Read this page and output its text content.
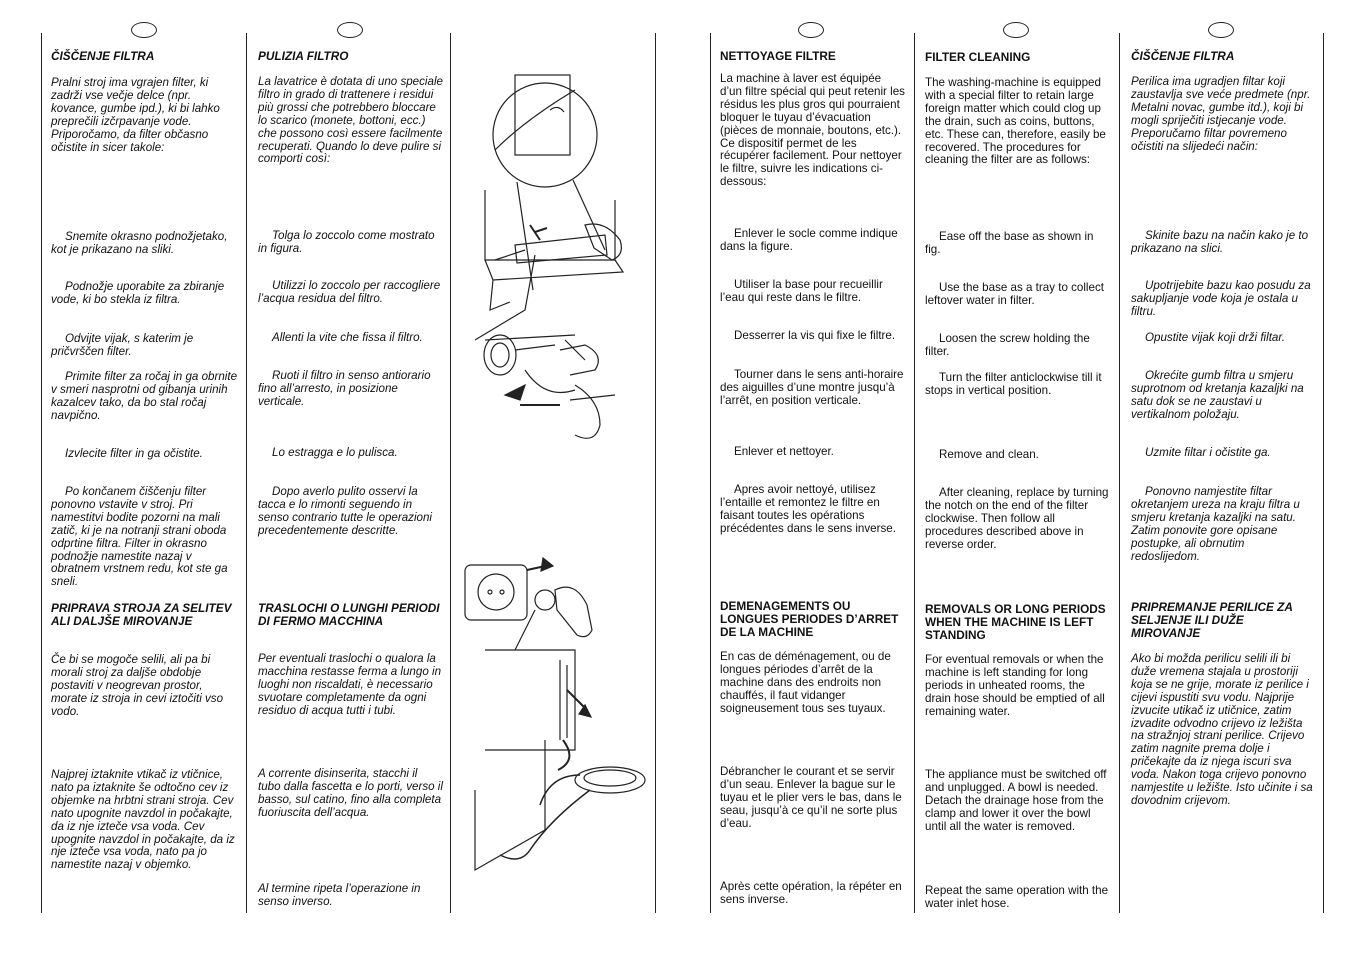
ČIŠČENJE FILTRA

Pralni stroj ima vgrajen filter, ki zadrži vse večje delce (npr. kovance, gumbe ipd.), ki bi lahko preprečili izčrpavanje vode. Priporočamo, da filter občasno očistite in sicer takole:

Snemite okrasno podnožjetako, kot je prikazano na sliki.

Podnožje uporabite za zbiranje vode, ki bo stekla iz filtra.

Odvijte vijak, s katerim je pričvrščen filter.

Primite filter za ročaj in ga obrnite v smeri nasprotni od gibanja urinih kazalcev tako, da bo stal ročaj navpično.

Izvlecite filter in ga očistite.

Po končanem čiščenju filter ponovno vstavite v stroj. Pri namestitvi bodite pozorni na mali zatič, ki je na notranji strani oboda odprtine filtra. Filter in okrasno podnožje namestite nazaj v obratnem vrstnem redu, kot ste ga sneli.

PRIPRAVA STROJA ZA SELITEV ALI DALJŠE MIROVANJE

Če bi se mogoče selili, ali pa bi morali stroj za daljše obdobje postaviti v neogrevan prostor, morate iz stroja in cevi iztočiti vso vodo.

Najprej iztaknite vtikač iz vtičnice, nato pa iztaknite še odtočno cev iz objemke na hrbtni strani stroja. Cev nato upognite navzdol in počakajte, da iz nje izteče vsa voda. Cev upognite navzdol in počakajte, da iz nje izteče vsa voda, nato pa jo namestite nazaj v objemko.

PULIZIA FILTRO

La lavatrice è dotata di uno speciale filtro in grado di trattenere i residui più grossi che potrebbero bloccare lo scarico (monete, bottoni, ecc.) che possono così essere facilmente recuperati. Quando lo deve pulire si comporti così:

Tolga lo zoccolo come mostrato in figura.

Utilizzi lo zoccolo per raccogliere l’acqua residua del filtro.

Allenti la vite che fissa il filtro.

Ruoti il filtro in senso antiorario fino all’arresto, in posizione verticale.

Lo estragga e lo pulisca.

Dopo averlo pulito osservi la tacca e lo rimonti seguendo in senso contrario tutte le operazioni precedentemente descritte.

TRASLOCHI O LUNGHI PERIODI DI FERMO MACCHINA

Per eventuali traslochi o qualora la macchina restasse ferma a lungo in luoghi non riscaldati, è necessario svuotare completamente da ogni residuo di acqua tutti i tubi.

A corrente disinserita, stacchi il tubo dalla fascetta e lo porti, verso il basso, sul catino, fino alla completa fuoriuscita dell’acqua.

Al termine ripeta l’operazione in senso inverso.

NETTOYAGE FILTRE

La machine à laver est équipée d’un filtre spécial qui peut retenir les résidus les plus gros qui pourraient bloquer le tuyau d’évacuation (pièces de monnaie, boutons, etc.). Ce dispositif permet de les récupérer facilement. Pour nettoyer le filtre, suivre les indications ci-dessous:

Enlever le socle comme indique dans la figure.

Utiliser la base pour recueillir l’eau qui reste dans le filtre.

Desserrer la vis qui fixe le filtre.

Tourner dans le sens anti-horaire des aiguilles d’une montre jusqu’à l’arrêt, en position verticale.

Enlever et nettoyer.

Apres avoir nettoyé, utilisez l’entaille et remontez le filtre en faisant toutes les opérations précédentes dans le sens inverse.

DEMENAGEMENTS OU LONGUES PERIODES D’ARRET DE LA MACHINE

En cas de déménagement, ou de longues périodes d’arrêt de la machine dans des endroits non chauffés, il faut vidanger soigneusement tous ses tuyaux.

Débrancher le courant et se servir d’un seau. Enlever la bague sur le tuyau et le plier vers le bas, dans le seau, jusqu’à ce qu’il ne sorte plus d’eau.

Après cette opération, la répéter en sens inverse.

FILTER CLEANING

The washing-machine is equipped with a special filter to retain large foreign matter which could clog up the drain, such as coins, buttons, etc. These can, therefore, easily be recovered. The procedures for cleaning the filter are as follows:

Ease off the base as shown in fig.

Use the base as a tray to collect leftover water in filter.

Loosen the screw holding the filter.

Turn the filter anticlockwise till it stops in vertical position.

Remove and clean.

After cleaning, replace by turning the notch on the end of the filter clockwise. Then follow all procedures described above in reverse order.

REMOVALS OR LONG PERIODS WHEN THE MACHINE IS LEFT STANDING

For eventual removals or when the machine is left standing for long periods in unheated rooms, the drain hose should be emptied of all remaining water.

The appliance must be switched off and unplugged. A bowl is needed. Detach the drainage hose from the clamp and lower it over the bowl until all the water is removed.

Repeat the same operation with the water inlet hose.

ČIŠČENJE FILTRA

Perilica ima ugradjen filtar koji zaustavlja sve veće predmete (npr. Metalni novac, gumbe itd.), koji bi mogli spriječiti istjecanje vode. Preporučamo filtar povremeno očistiti na slijedeći način:

Skinite bazu na način kako je to prikazano na slici.

Upotrijebite bazu kao posudu za sakupljanje vode koja je ostala u filtru.

Opustite vijak koji drži filtar.

Okrećite gumb filtra u smjeru suprotnom od kretanja kazaljki na satu dok se ne zaustavi u vertikalnom položaju.

Uzmite filtar i očistite ga.

Ponovno namjestite filtar okretanjem ureza na kraju filtra u smjeru kretanja kazaljki na satu. Zatim ponovite gore opisane postupke, ali obrnutim redoslijedom.

PRIPREMANJE PERILICE ZA SELJENJE ILI DUŽE MIROVANJE

Ako bi možda perilicu selili ili bi duže vremena stajala u prostoriji koja se ne grije, morate iz perilice i cijevi ispustiti svu vodu. Najprije izvucite utikač iz utičnice, zatim izvadite odvodno crijevo iz ležišta na stražnjoj strani perilice. Crijevo zatim nagnite prema dolje i pričekajte da iz njega iscuri sva voda. Nakon toga crijevo ponovno namjestite u ležište. Isto učinite i sa dovodnim crijevom.
